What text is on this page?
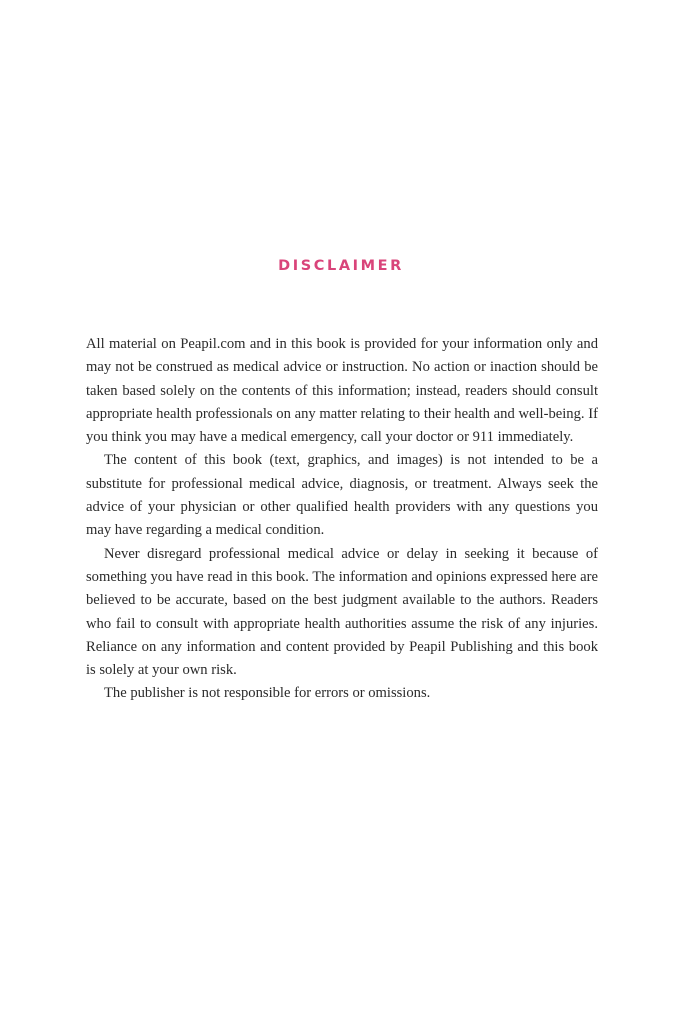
DISCLAIMER

All material on Peapil.com and in this book is provided for your information only and may not be construed as medical advice or instruction. No action or inaction should be taken based solely on the contents of this information; instead, readers should consult appropriate health professionals on any matter relating to their health and well-being. If you think you may have a medical emergency, call your doctor or 911 immediately.

The content of this book (text, graphics, and images) is not intended to be a substitute for professional medical advice, diagnosis, or treatment. Always seek the advice of your physician or other qualified health providers with any questions you may have regarding a medical condition.

Never disregard professional medical advice or delay in seeking it because of something you have read in this book. The information and opinions expressed here are believed to be accurate, based on the best judgment available to the authors. Readers who fail to consult with appropriate health authorities assume the risk of any injuries. Reliance on any information and content provided by Peapil Publishing and this book is solely at your own risk.

The publisher is not responsible for errors or omissions.
